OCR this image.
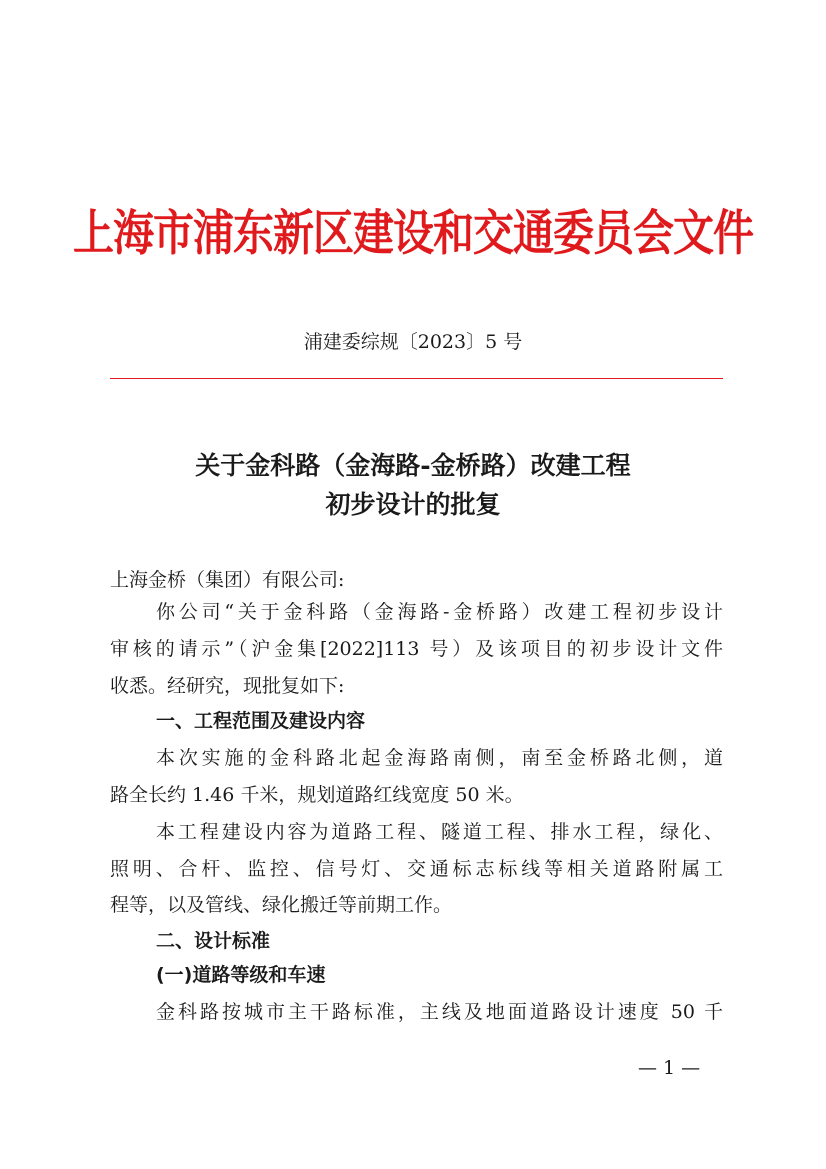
上海市浦东新区建设和交通委员会文件
浦建委综规〔2023〕5 号
关于金科路（金海路-金桥路）改建工程
初步设计的批复
上海金桥（集团）有限公司:
你公司“关于金科路（金海路-金桥路）改建工程初步设计
审核的请示”（沪金集[2022]113 号）及该项目的初步设计文件
收悉。经研究，现批复如下:
一、工程范围及建设内容
本次实施的金科路北起金海路南侧，南至金桥路北侧，道
路全长约 1.46 千米，规划道路红线宽度 50 米。
本工程建设内容为道路工程、隧道工程、排水工程，绿化、
照明、合杆、监控、信号灯、交通标志标线等相关道路附属工
程等，以及管线、绿化搬迁等前期工作。
二、设计标准
(一)道路等级和车速
金科路按城市主干路标准，主线及地面道路设计速度 50 千
— 1 —
